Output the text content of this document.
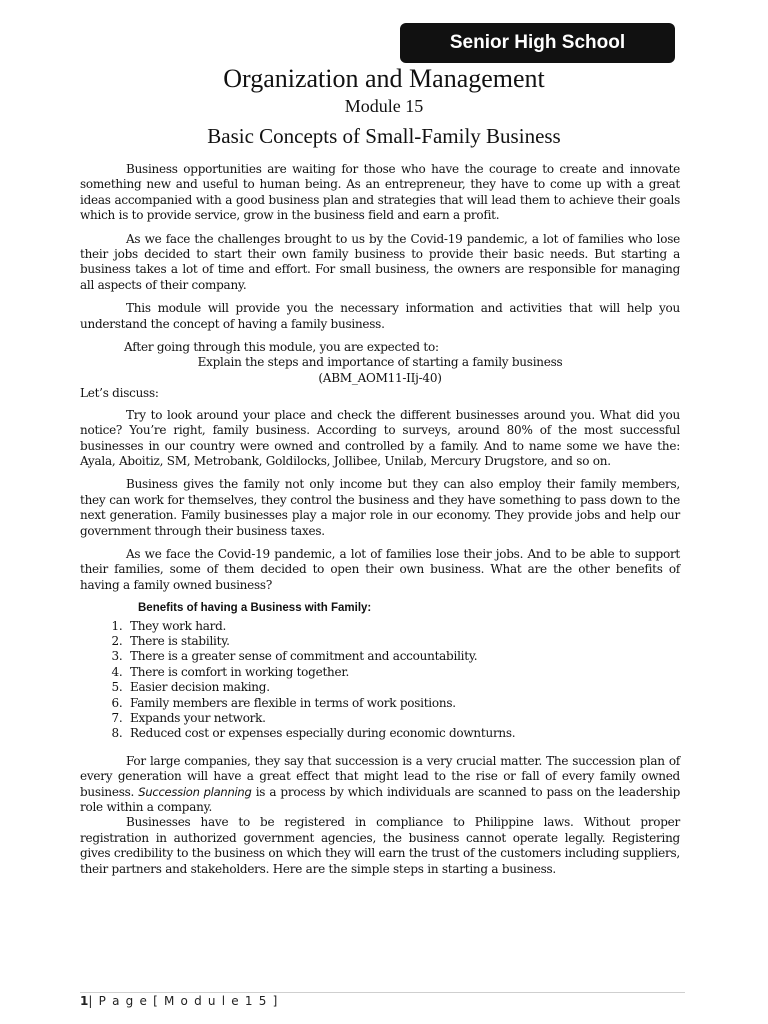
Senior High School
Organization and Management
Module 15
Basic Concepts of Small-Family Business

Business opportunities are waiting for those who have the courage to create and innovate something new and useful to human being. As an entrepreneur, they have to come up with a great ideas accompanied with a good business plan and strategies that will lead them to achieve their goals which is to provide service, grow in the business field and earn a profit.

As we face the challenges brought to us by the Covid-19 pandemic, a lot of families who lose their jobs decided to start their own family business to provide their basic needs. But starting a business takes a lot of time and effort. For small business, the owners are responsible for managing all aspects of their company.

This module will provide you the necessary information and activities that will help you understand the concept of having a family business.

After going through this module, you are expected to:

Explain the steps and importance of starting a family business

(ABM_AOM11-IIj-40)

Let’s discuss:

Try to look around your place and check the different businesses around you. What did you notice? You’re right, family business. According to surveys, around 80% of the most successful businesses in our country were owned and controlled by a family. And to name some we have the: Ayala, Aboitiz, SM, Metrobank, Goldilocks, Jollibee, Unilab, Mercury Drugstore, and so on.

Business gives the family not only income but they can also employ their family members, they can work for themselves, they control the business and they have something to pass down to the next generation. Family businesses play a major role in our economy. They provide jobs and help our government through their business taxes.

As we face the Covid-19 pandemic, a lot of families lose their jobs. And to be able to support their families, some of them decided to open their own business. What are the other benefits of having a family owned business?

Benefits of having a Business with Family:

1. They work hard.
2. There is stability.
3. There is a greater sense of commitment and accountability.
4. There is comfort in working together.
5. Easier decision making.
6. Family members are flexible in terms of work positions.
7. Expands your network.
8. Reduced cost or expenses especially during economic downturns.

For large companies, they say that succession is a very crucial matter. The succession plan of every generation will have a great effect that might lead to the rise or fall of every family owned business. Succession planning is a process by which individuals are scanned to pass on the leadership role within a company.

Businesses have to be registered in compliance to Philippine laws. Without proper registration in authorized government agencies, the business cannot operate legally. Registering gives credibility to the business on which they will earn the trust of the customers including suppliers, their partners and stakeholders. Here are the simple steps in starting a business.

1| P a g e [ M o d u l e 1 5 ]
